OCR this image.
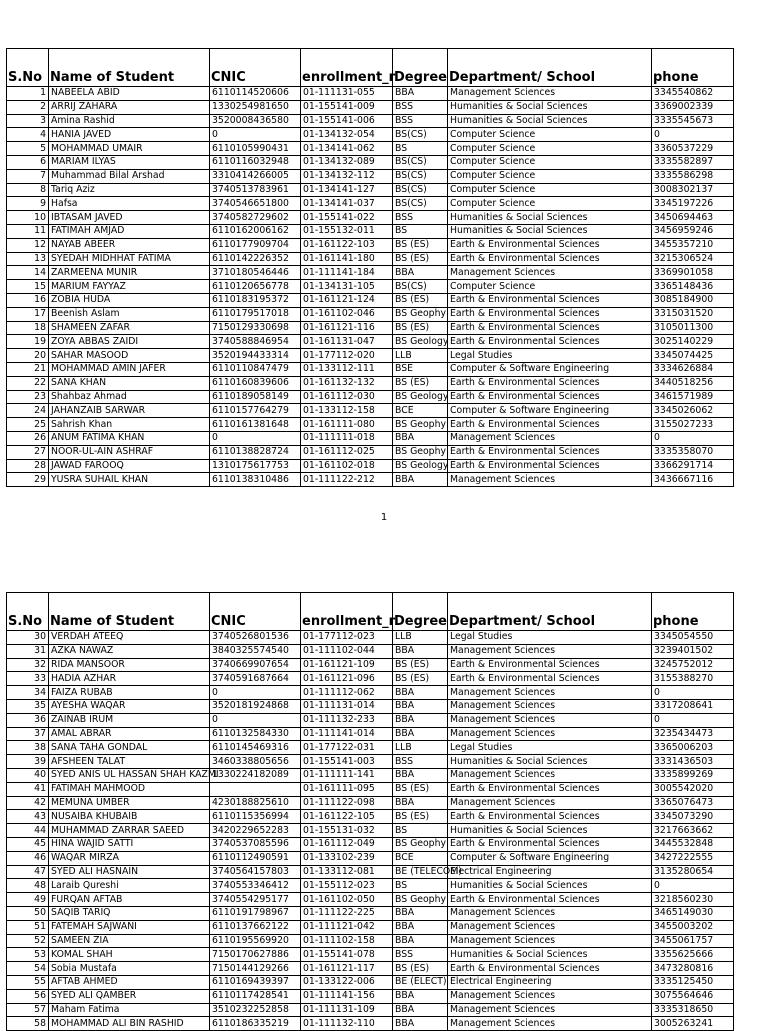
S.No	Name of Student	CNIC	enrollment_r	Degree	Department/ School	phone
1	NABEELA ABID	6110114520606	01-111131-055	BBA	Management Sciences	3345540862
2	ARRIJ ZAHARA	1330254981650	01-155141-009	BSS	Humanities & Social Sciences	3369002339
3	Amina Rashid	3520008436580	01-155141-006	BSS	Humanities & Social Sciences	3335545673
4	HANIA JAVED	0	01-134132-054	BS(CS)	Computer Science	0
5	MOHAMMAD UMAIR	6110105990431	01-134141-062	BS	Computer Science	3360537229
6	MARIAM ILYAS	6110116032948	01-134132-089	BS(CS)	Computer Science	3335582897
7	Muhammad Bilal Arshad	3310414266005	01-134132-112	BS(CS)	Computer Science	3335586298
8	Tariq Aziz	3740513783961	01-134141-127	BS(CS)	Computer Science	3008302137
9	Hafsa	3740546651800	01-134141-037	BS(CS)	Computer Science	3345197226
10	IBTASAM JAVED	3740582729602	01-155141-022	BSS	Humanities & Social Sciences	3450694463
11	FATIMAH AMJAD	6110162006162	01-155132-011	BS	Humanities & Social Sciences	3456959246
12	NAYAB ABEER	6110177909704	01-161122-103	BS (ES)	Earth & Environmental Sciences	3455357210
13	SYEDAH MIDHHAT FATIMA	6110142226352	01-161141-180	BS (ES)	Earth & Environmental Sciences	3215306524
14	ZARMEENA MUNIR	3710180546446	01-111141-184	BBA	Management Sciences	3369901058
15	MARIUM FAYYAZ	6110120656778	01-134131-105	BS(CS)	Computer Science	3365148436
16	ZOBIA HUDA	6110183195372	01-161121-124	BS (ES)	Earth & Environmental Sciences	3085184900
17	Beenish Aslam	6110179517018	01-161102-046	BS Geophy	Earth & Environmental Sciences	3315031520
18	SHAMEEN ZAFAR	7150129330698	01-161121-116	BS (ES)	Earth & Environmental Sciences	3105011300
19	ZOYA ABBAS ZAIDI	3740588846954	01-161131-047	BS Geology	Earth & Environmental Sciences	3025140229
20	SAHAR MASOOD	3520194433314	01-177112-020	LLB	Legal Studies	3345074425
21	MOHAMMAD AMIN JAFER	6110110847479	01-133112-111	BSE	Computer & Software Engineering	3334626884
22	SANA KHAN	6110160839606	01-161132-132	BS (ES)	Earth & Environmental Sciences	3440518256
23	Shahbaz Ahmad	6110189058149	01-161112-030	BS Geology	Earth & Environmental Sciences	3461571989
24	JAHANZAIB SARWAR	6110157764279	01-133112-158	BCE	Computer & Software Engineering	3345026062
25	Sahrish Khan	6110161381648	01-161111-080	BS Geophy	Earth & Environmental Sciences	3155027233
26	ANUM FATIMA KHAN	0	01-111111-018	BBA	Management Sciences	0
27	NOOR-UL-AIN ASHRAF	6110138828724	01-161112-025	BS Geophy	Earth & Environmental Sciences	3335358070
28	JAWAD FAROOQ	1310175617753	01-161102-018	BS Geology	Earth & Environmental Sciences	3366291714
29	YUSRA SUHAIL KHAN	6110138310486	01-111122-212	BBA	Management Sciences	3436667116
1
S.No	Name of Student	CNIC	enrollment_r	Degree	Department/ School	phone
30	VERDAH ATEEQ	3740526801536	01-177112-023	LLB	Legal Studies	3345054550
31	AZKA NAWAZ	3840325574540	01-111102-044	BBA	Management Sciences	3239401502
32	RIDA MANSOOR	3740669907654	01-161121-109	BS (ES)	Earth & Environmental Sciences	3245752012
33	HADIA AZHAR	3740591687664	01-161121-096	BS (ES)	Earth & Environmental Sciences	3155388270
34	FAIZA RUBAB	0	01-111112-062	BBA	Management Sciences	0
35	AYESHA WAQAR	3520181924868	01-111131-014	BBA	Management Sciences	3317208641
36	ZAINAB IRUM	0	01-111132-233	BBA	Management Sciences	0
37	AMAL ABRAR	6110132584330	01-111141-014	BBA	Management Sciences	3235434473
38	SANA TAHA GONDAL	6110145469316	01-177122-031	LLB	Legal Studies	3365006203
39	AFSHEEN TALAT	3460338805656	01-155141-003	BSS	Humanities & Social Sciences	3331436503
40	SYED ANIS UL HASSAN SHAH KAZMI	1330224182089	01-111111-141	BBA	Management Sciences	3335899269
41	FATIMAH MAHMOOD		01-161111-095	BS (ES)	Earth & Environmental Sciences	3005542020
42	MEMUNA UMBER	4230188825610	01-111122-098	BBA	Management Sciences	3365076473
43	NUSAIBA KHUBAIB	6110115356994	01-161122-105	BS (ES)	Earth & Environmental Sciences	3345073290
44	MUHAMMAD ZARRAR SAEED	3420229652283	01-155131-032	BS	Humanities & Social Sciences	3217663662
45	HINA WAJID SATTI	3740537085596	01-161112-049	BS Geophy	Earth & Environmental Sciences	3445532848
46	WAQAR MIRZA	6110112490591	01-133102-239	BCE	Computer & Software Engineering	3427222555
47	SYED ALI HASNAIN	3740564157803	01-133112-081	BE (TELECOM)	Electrical Engineering	3135280654
48	Laraib Qureshi	3740553346412	01-155112-023	BS	Humanities & Social Sciences	0
49	FURQAN AFTAB	3740554295177	01-161102-050	BS Geophy	Earth & Environmental Sciences	3218560230
50	SAQIB TARIQ	6110191798967	01-111122-225	BBA	Management Sciences	3465149030
51	FATEMAH SAJWANI	6110137662122	01-111121-042	BBA	Management Sciences	3455003202
52	SAMEEN ZIA	6110195569920	01-111102-158	BBA	Management Sciences	3455061757
53	KOMAL SHAH	7150170627886	01-155141-078	BSS	Humanities & Social Sciences	3355625666
54	Sobia Mustafa	7150144129266	01-161121-117	BS (ES)	Earth & Environmental Sciences	3473280816
55	AFTAB AHMED	6110169439397	01-133122-006	BE (ELECT)	Electrical Engineering	3335125450
56	SYED ALI QAMBER	6110117428541	01-111141-156	BBA	Management Sciences	3075564646
57	Maham Fatima	3510232252858	01-111131-109	BBA	Management Sciences	3335318650
58	MOHAMMAD ALI BIN RASHID	6110186335219	01-111132-110	BBA	Management Sciences	3005263241
